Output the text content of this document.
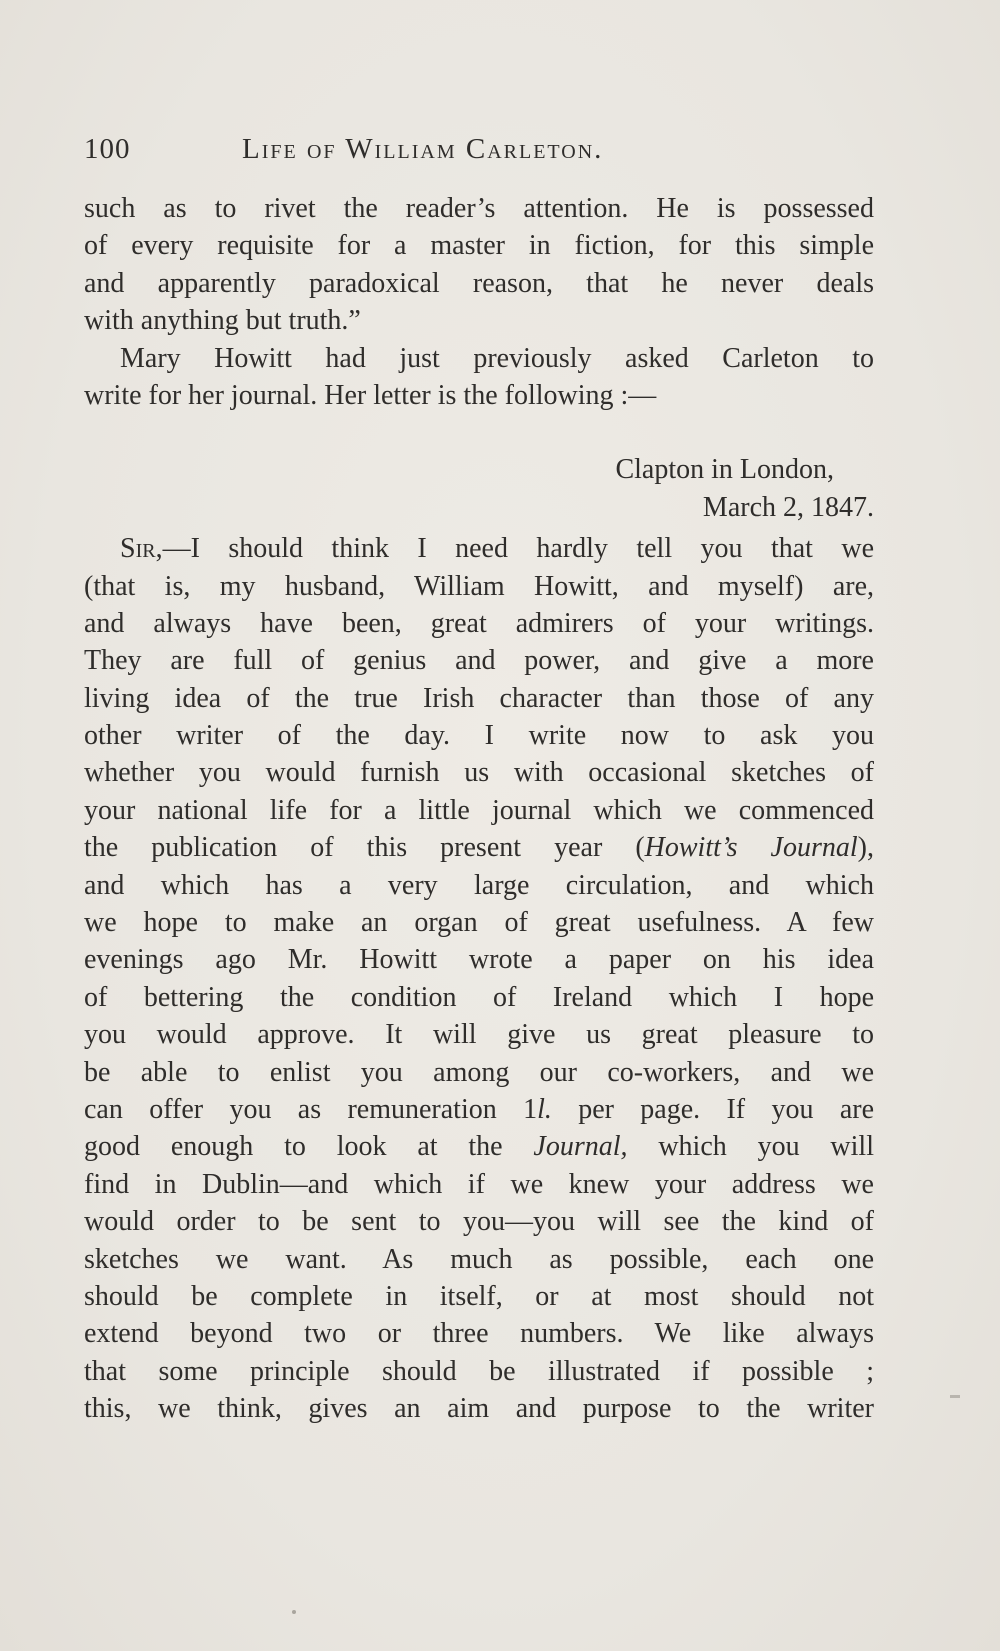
100	Life of William Carleton.
such as to rivet the reader’s attention. He is possessed
of every requisite for a master in fiction, for this simple
and apparently paradoxical reason, that he never deals
with anything but truth.”
Mary Howitt had just previously asked Carleton to
write for her journal. Her letter is the following :—
Clapton in London,
March 2, 1847.
Sir,—I should think I need hardly tell you that we
(that is, my husband, William Howitt, and myself) are,
and always have been, great admirers of your writings.
They are full of genius and power, and give a more
living idea of the true Irish character than those of any
other writer of the day. I write now to ask you
whether you would furnish us with occasional sketches of
your national life for a little journal which we commenced
the publication of this present year (Howitt’s Journal),
and which has a very large circulation, and which
we hope to make an organ of great usefulness. A few
evenings ago Mr. Howitt wrote a paper on his idea
of bettering the condition of Ireland which I hope
you would approve. It will give us great pleasure to
be able to enlist you among our co-workers, and we
can offer you as remuneration 1l. per page. If you are
good enough to look at the Journal, which you will
find in Dublin—and which if we knew your address we
would order to be sent to you—you will see the kind of
sketches we want. As much as possible, each one
should be complete in itself, or at most should not
extend beyond two or three numbers. We like always
that some principle should be illustrated if possible ;
this, we think, gives an aim and purpose to the writer
